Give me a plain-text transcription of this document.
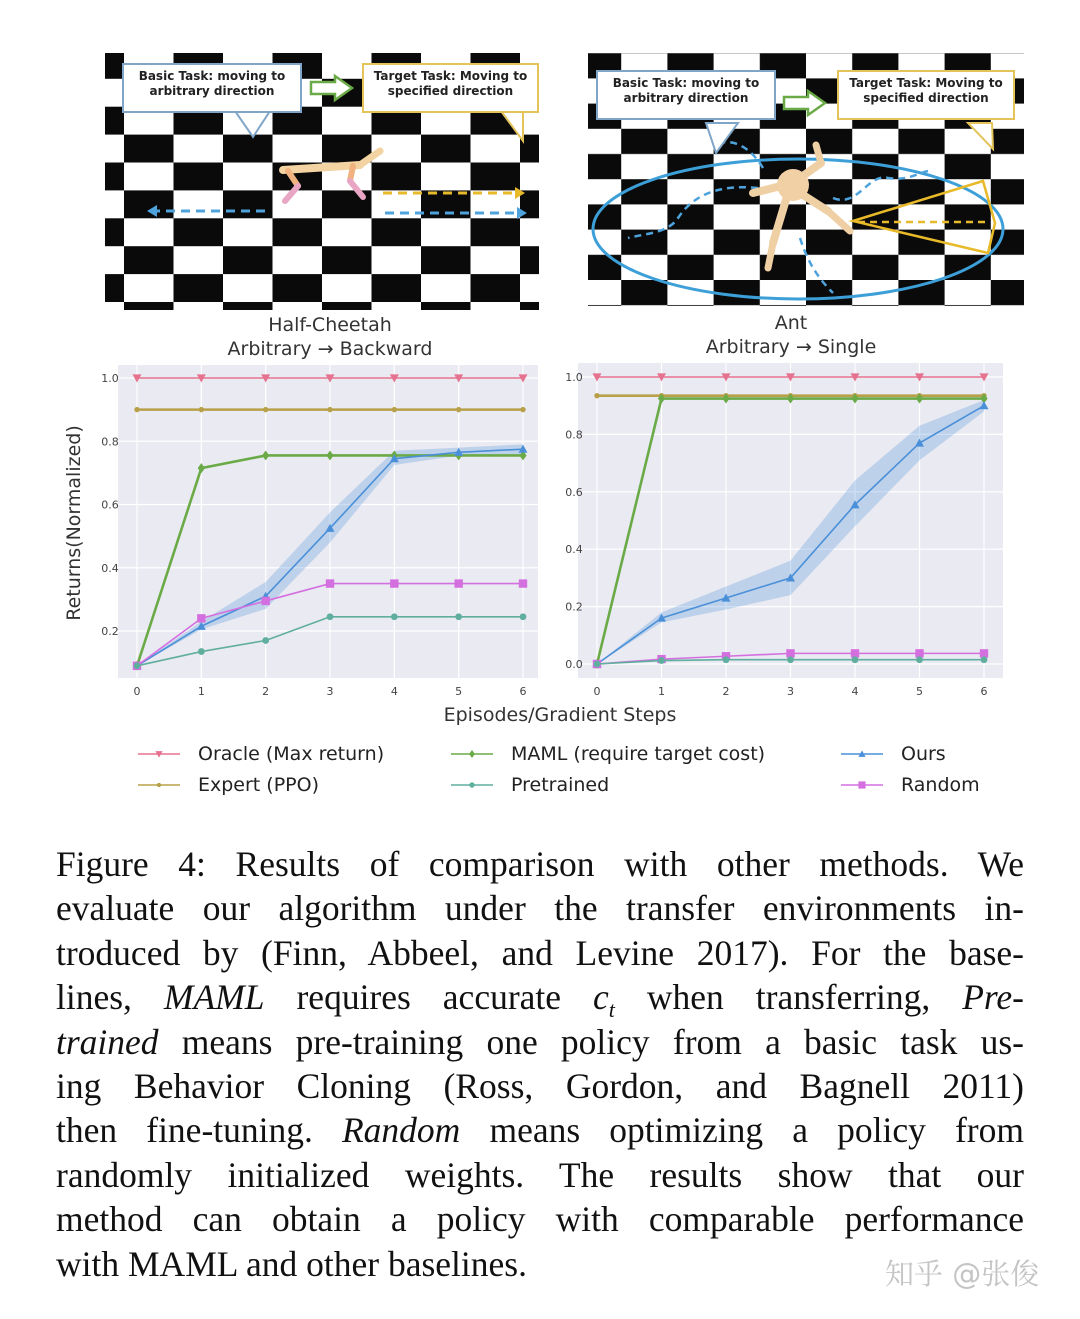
Basic Task: moving to arbitrary direction
Target Task: Moving to specified direction
Basic Task: moving to arbitrary direction
Target Task: Moving to specified direction
Half-Cheetah
Arbitrary → Backward
Ant
Arbitrary → Single
0.2
0.4
0.6
0.8
1.0
0	1	2	3	4	5	6
0.0
0.2
0.4
0.6
0.8
1.0
0	1	2	3	4	5	6
Returns(Normalized)
Episodes/Gradient Steps
Oracle (Max return)	MAML (require target cost)	Ours
Expert (PPO)	Pretrained	Random
Figure 4: Results of comparison with other methods. We
evaluate our algorithm under the transfer environments in-
troduced by (Finn, Abbeel, and Levine 2017). For the base-
lines, MAML requires accurate $c_t$ when transferring, Pre-
trained means pre-training one policy from a basic task us-
ing Behavior Cloning (Ross, Gordon, and Bagnell 2011)
then fine-tuning. Random means optimizing a policy from
randomly initialized weights. The results show that our
method can obtain a policy with comparable performance
with MAML and other baselines.	知乎 @张俊
